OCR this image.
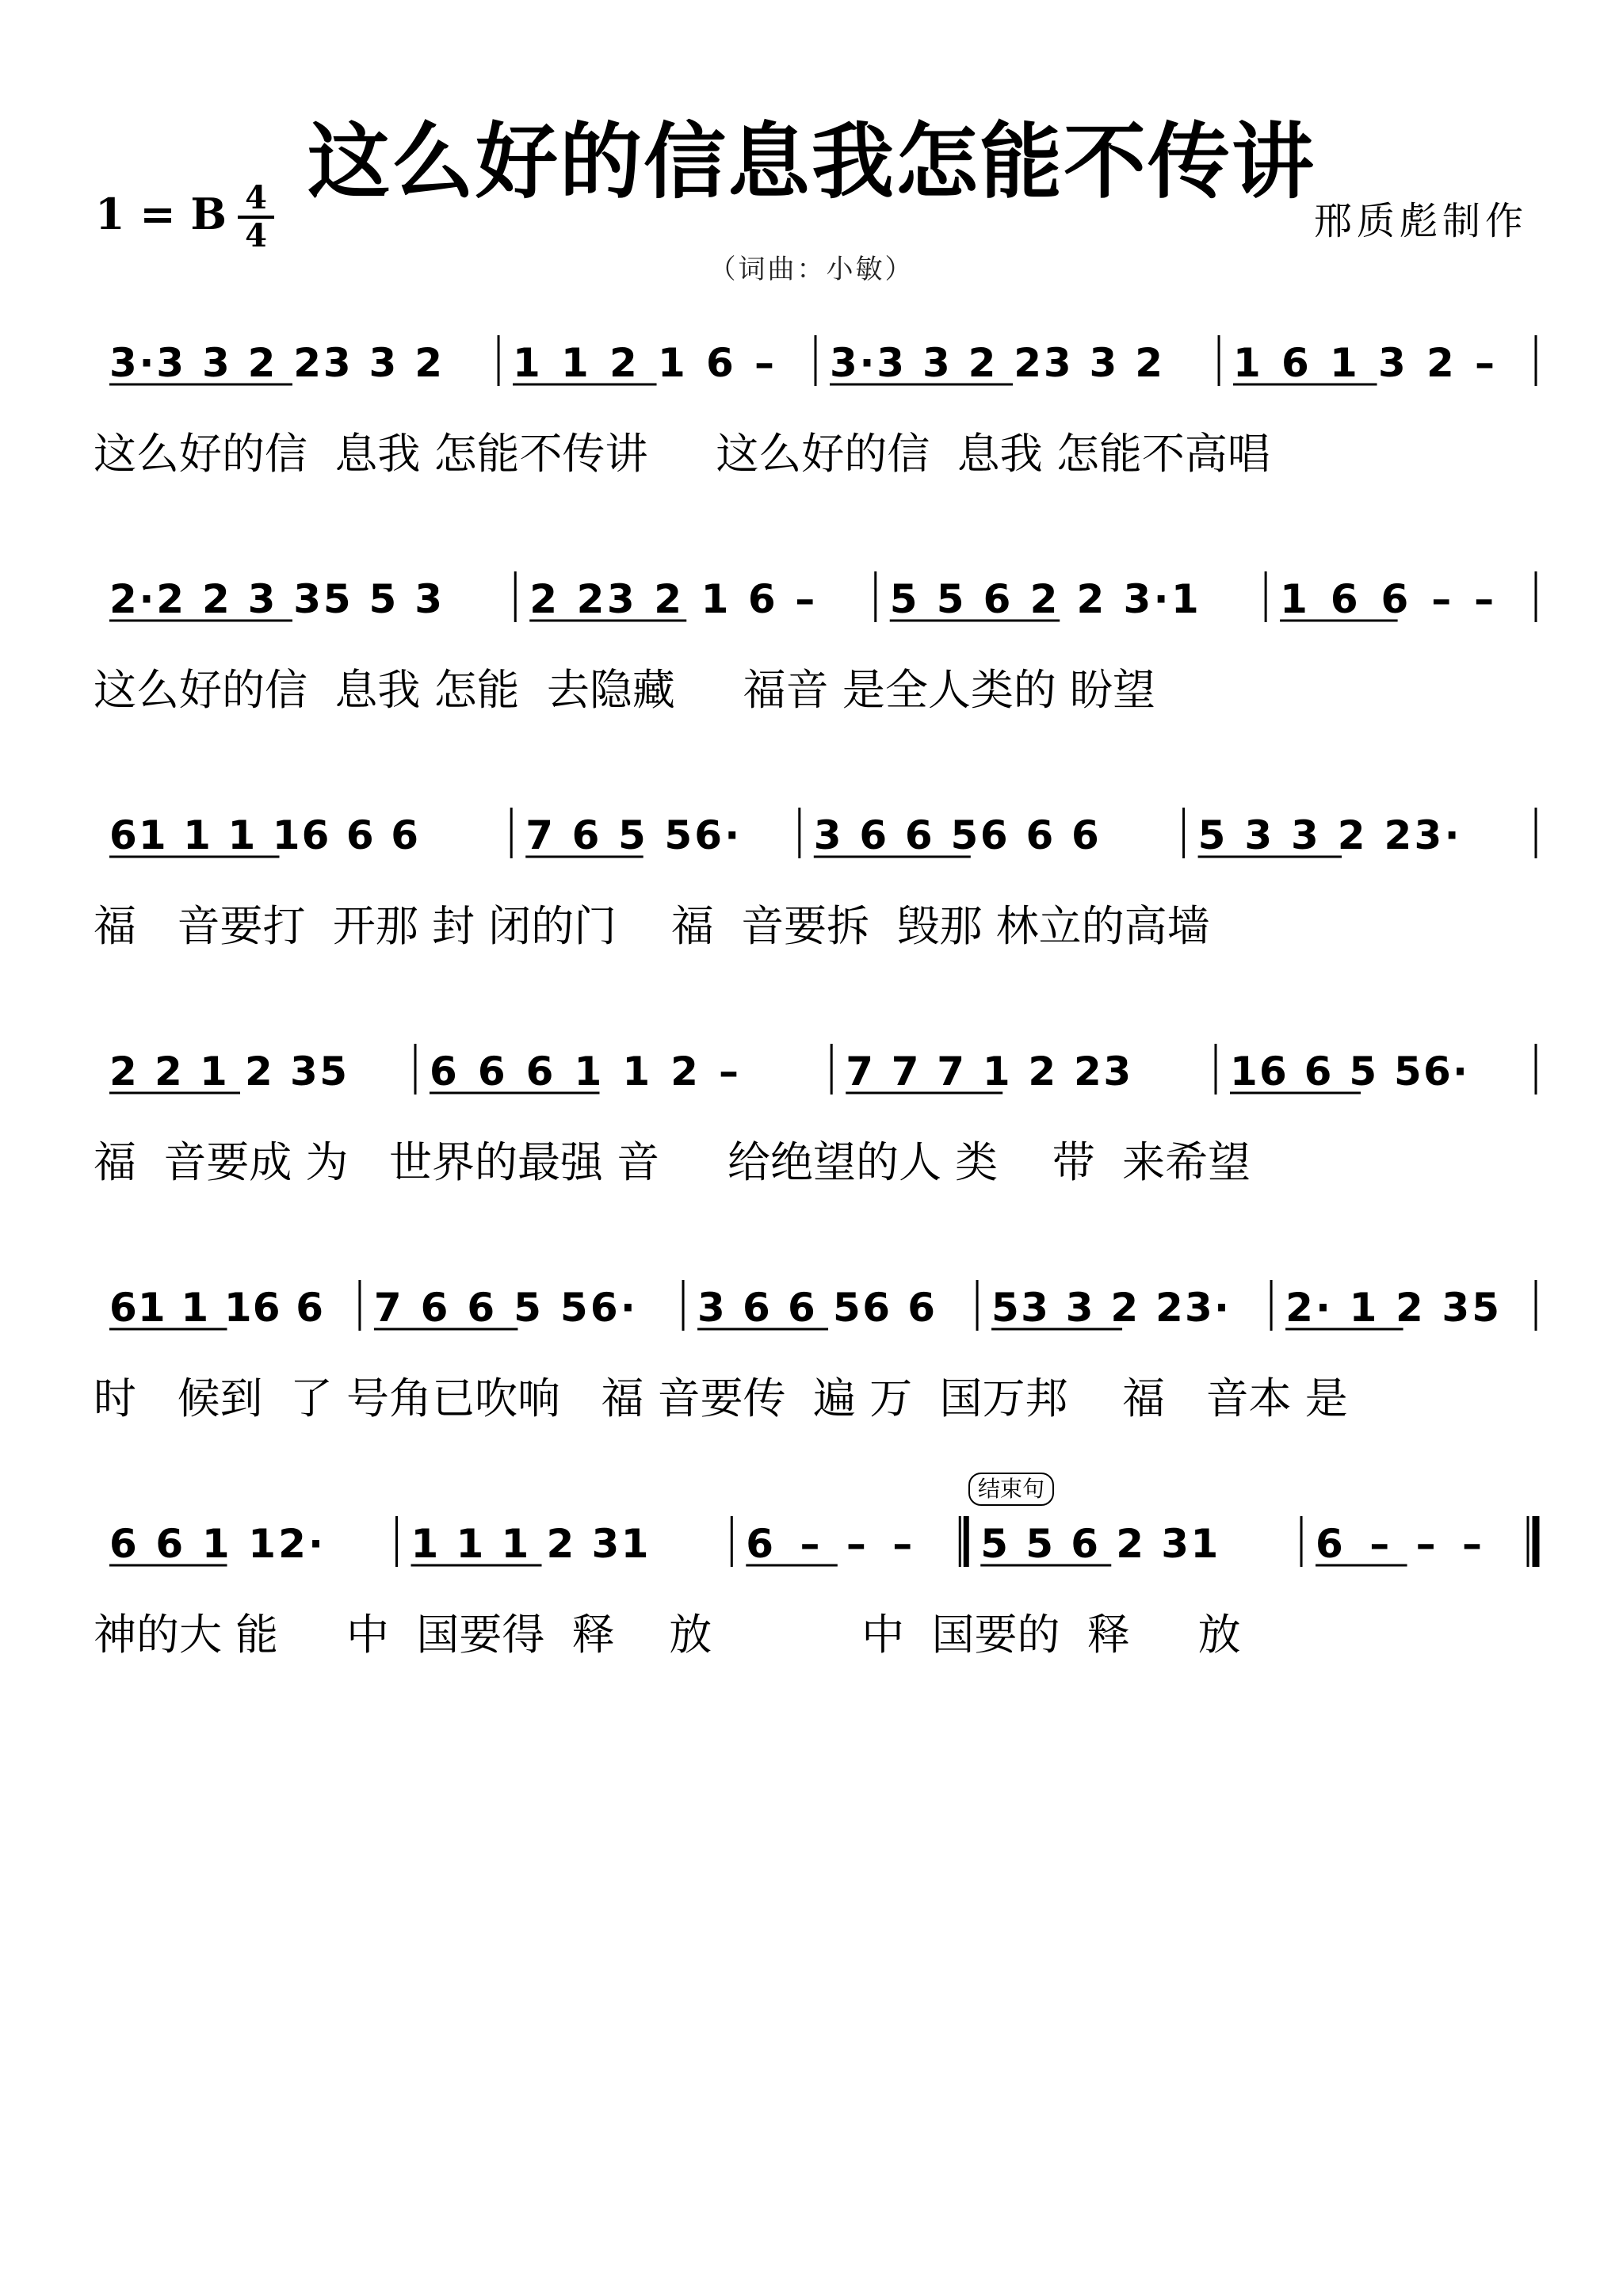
这么好的信息我怎能不传讲
1 = B $\frac{4}{4}$	邢质彪制作
（词曲：小敏）
3·3 3 2 23 3 2 1 1 2 1 6 – 3·3 3 2 23 3 2 1 6 1 3 2 –
2·2 2 3 35 5 3 2 23 2 1 6 – 5 5 6 2 2 3·1 1 6 6 – –
61 1 1 16 6 6	7 6 5 56· 3 6 6 56 6 6 5 3 3 2 23·
2 2 1 2 35 6 6 6 1 1 2 –	7 7 7 1 2 23 16 6 5 56·
61 1 16 6 7 6 6 5 56· 3 6 6 56 6 53 3 2 23· 2· 1 2 35
6 6 1 12· 1 1 1 2 31 6 – – – 5 5 6 2 31 6 – – –
这么好的信  息我 怎能不传讲     这么好的信  息我 怎能不高唱
这么好的信  息我 怎能  去隐藏     福音 是全人类的 盼望
福   音要打  开那 封 闭的门    福  音要拆  毁那 林立的高墙
福  音要成 为   世界的最强 音     给绝望的人 类    带  来希望
时   候到  了 号角已吹响   福 音要传  遍 万  国万邦    福   音本 是
神的大 能     中  国要得  释    放           中  国要的  释     放
结束句
